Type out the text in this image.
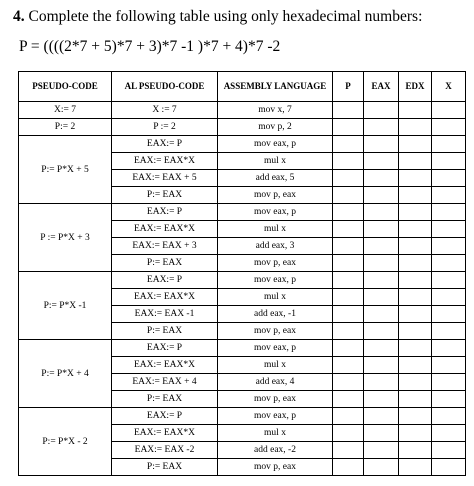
4. Complete the following table using only hexadecimal numbers:
P = ((((2*7 + 5)*7 + 3)*7 -1 )*7 + 4)*7 -2
PSEUDO-CODE	AL PSEUDO-CODE	ASSEMBLY LANGUAGE	P	EAX	EDX	X
X:= 7	X := 7	mov x, 7				
P:= 2	P := 2	mov p, 2				
P:= P*X + 5	EAX:= P	mov eax, p				
	EAX:= EAX*X	mul x				
	EAX:= EAX + 5	add eax, 5				
	P:= EAX	mov p, eax				
P := P*X + 3	EAX:= P	mov eax, p				
	EAX:= EAX*X	mul x				
	EAX:= EAX + 3	add eax, 3				
	P:= EAX	mov p, eax				
P:= P*X -1	EAX:= P	mov eax, p				
	EAX:= EAX*X	mul x				
	EAX:= EAX -1	add eax, -1				
	P:= EAX	mov p, eax				
P:= P*X + 4	EAX:= P	mov eax, p				
	EAX:= EAX*X	mul x				
	EAX:= EAX + 4	add eax, 4				
	P:= EAX	mov p, eax				
P:= P*X - 2	EAX:= P	mov eax, p				
	EAX:= EAX*X	mul x				
	EAX:= EAX -2	add eax, -2				
	P:= EAX	mov p, eax				
